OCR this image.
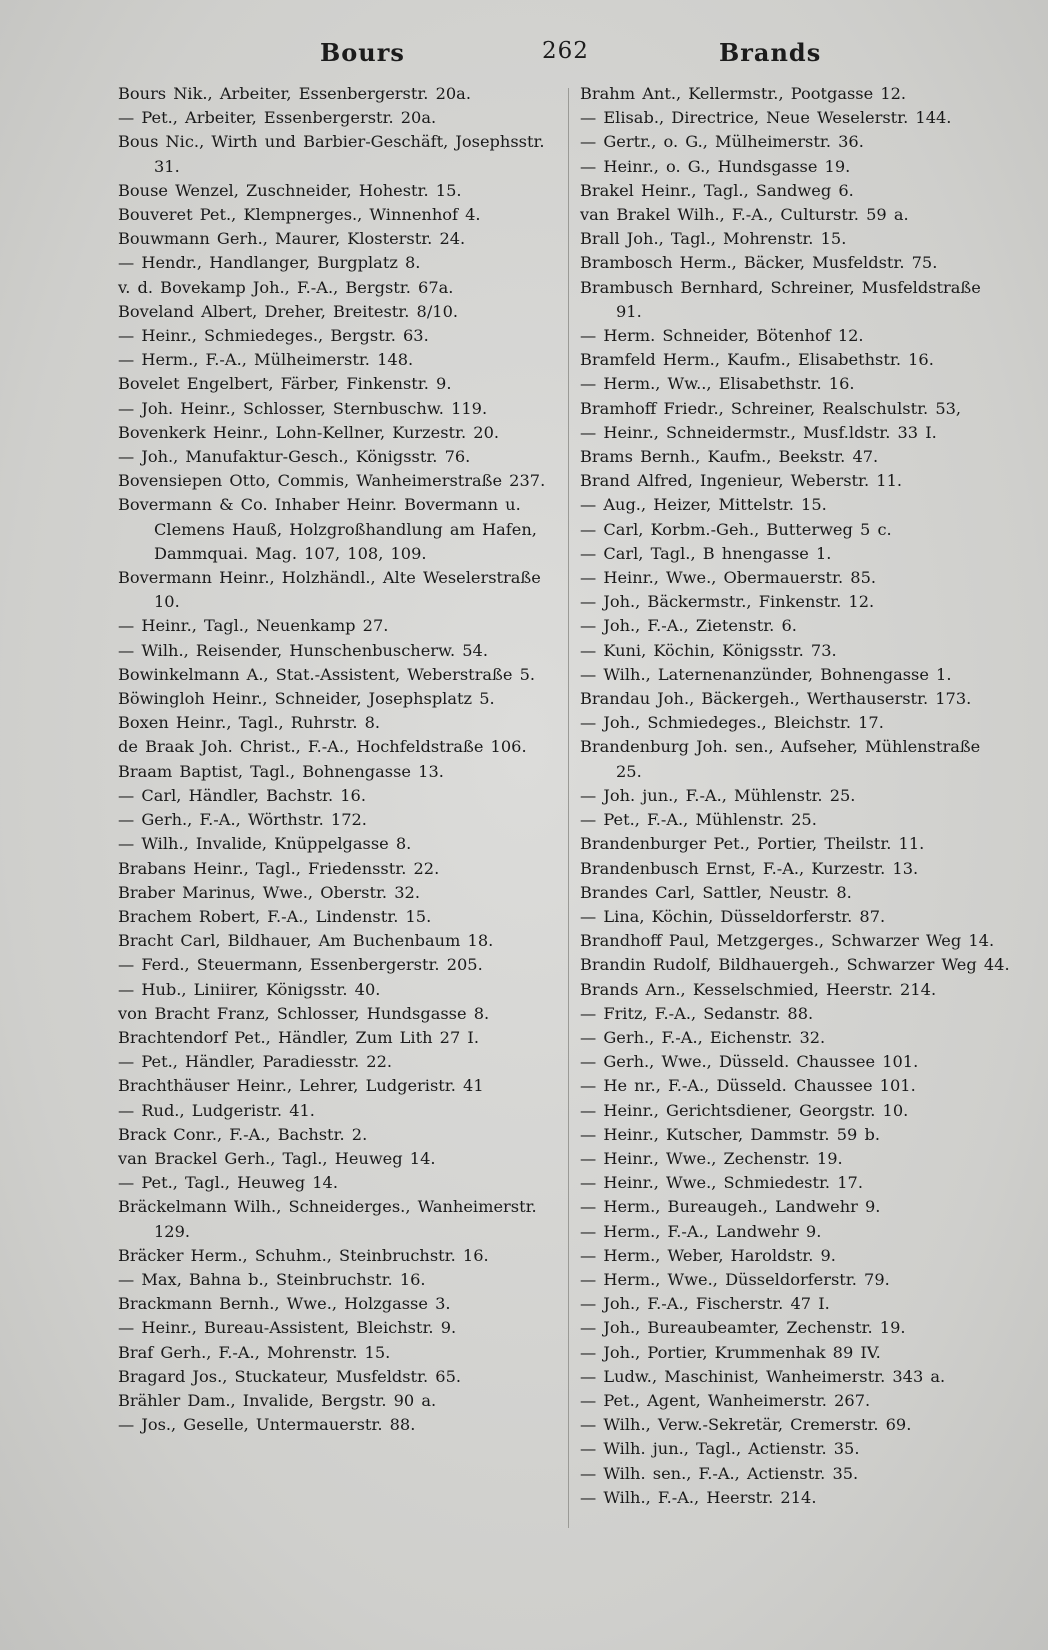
Bours	262	Brands
Bours Nik., Arbeiter, Essenbergerstr. 20a.
— Pet., Arbeiter, Essenbergerstr. 20a.
Bous Nic., Wirth und Barbier-Geschäft, Josephsstr. 31.
Bouse Wenzel, Zuschneider, Hohestr. 15.
Bouveret Pet., Klempnerges., Winnenhof 4.
Bouwmann Gerh., Maurer, Klosterstr. 24.
— Hendr., Handlanger, Burgplatz 8.
v. d. Bovekamp Joh., F.-A., Bergstr. 67a.
Boveland Albert, Dreher, Breitestr. 8/10.
— Heinr., Schmiedeges., Bergstr. 63.
— Herm., F.-A., Mülheimerstr. 148.
Bovelet Engelbert, Färber, Finkenstr. 9.
— Joh. Heinr., Schlosser, Sternbuschw. 119.
Bovenkerk Heinr., Lohn-Kellner, Kurzestr. 20.
— Joh., Manufaktur-Gesch., Königsstr. 76.
Bovensiepen Otto, Commis, Wanheimerstraße 237.
Bovermann & Co. Inhaber Heinr. Bovermann u. Clemens Hauß, Holzgroßhandlung am Hafen, Dammquai. Mag. 107, 108, 109.
Bovermann Heinr., Holzhändl., Alte Weselerstraße 10.
— Heinr., Tagl., Neuenkamp 27.
— Wilh., Reisender, Hunschenbuscherw. 54.
Bowinkelmann A., Stat.-Assistent, Weberstraße 5.
Böwingloh Heinr., Schneider, Josephsplatz 5.
Boxen Heinr., Tagl., Ruhrstr. 8.
de Braak Joh. Christ., F.-A., Hochfeldstraße 106.
Braam Baptist, Tagl., Bohnengasse 13.
— Carl, Händler, Bachstr. 16.
— Gerh., F.-A., Wörthstr. 172.
— Wilh., Invalide, Knüppelgasse 8.
Brabans Heinr., Tagl., Friedensstr. 22.
Braber Marinus, Wwe., Oberstr. 32.
Brachem Robert, F.-A., Lindenstr. 15.
Bracht Carl, Bildhauer, Am Buchenbaum 18.
— Ferd., Steuermann, Essenbergerstr. 205.
— Hub., Liniirer, Königsstr. 40.
von Bracht Franz, Schlosser, Hundsgasse 8.
Brachtendorf Pet., Händler, Zum Lith 27 I.
— Pet., Händler, Paradiesstr. 22.
Brachthäuser Heinr., Lehrer, Ludgeristr. 41
— Rud., Ludgeristr. 41.
Brack Conr., F.-A., Bachstr. 2.
van Brackel Gerh., Tagl., Heuweg 14.
— Pet., Tagl., Heuweg 14.
Bräckelmann Wilh., Schneiderges., Wanheimerstr. 129.
Bräcker Herm., Schuhm., Steinbruchstr. 16.
— Max, Bahna b., Steinbruchstr. 16.
Brackmann Bernh., Wwe., Holzgasse 3.
— Heinr., Bureau-Assistent, Bleichstr. 9.
Braf Gerh., F.-A., Mohrenstr. 15.
Bragard Jos., Stuckateur, Musfeldstr. 65.
Brähler Dam., Invalide, Bergstr. 90 a.
— Jos., Geselle, Untermauerstr. 88.
Brahm Ant., Kellermstr., Pootgasse 12.
— Elisab., Directrice, Neue Weselerstr. 144.
— Gertr., o. G., Mülheimerstr. 36.
— Heinr., o. G., Hundsgasse 19.
Brakel Heinr., Tagl., Sandweg 6.
van Brakel Wilh., F.-A., Culturstr. 59 a.
Brall Joh., Tagl., Mohrenstr. 15.
Brambosch Herm., Bäcker, Musfeldstr. 75.
Brambusch Bernhard, Schreiner, Musfeldstraße 91.
— Herm. Schneider, Bötenhof 12.
Bramfeld Herm., Kaufm., Elisabethstr. 16.
— Herm., Ww.., Elisabethstr. 16.
Bramhoff Friedr., Schreiner, Realschulstr. 53,
— Heinr., Schneidermstr., Musf.ldstr. 33 I.
Brams Bernh., Kaufm., Beekstr. 47.
Brand Alfred, Ingenieur, Weberstr. 11.
— Aug., Heizer, Mittelstr. 15.
— Carl, Korbm.-Geh., Butterweg 5 c.
— Carl, Tagl., B hnengasse 1.
— Heinr., Wwe., Obermauerstr. 85.
— Joh., Bäckermstr., Finkenstr. 12.
— Joh., F.-A., Zietenstr. 6.
— Kuni, Köchin, Königsstr. 73.
— Wilh., Laternenanzünder, Bohnengasse 1.
Brandau Joh., Bäckergeh., Werthauserstr. 173.
— Joh., Schmiedeges., Bleichstr. 17.
Brandenburg Joh. sen., Aufseher, Mühlenstraße 25.
— Joh. jun., F.-A., Mühlenstr. 25.
— Pet., F.-A., Mühlenstr. 25.
Brandenburger Pet., Portier, Theilstr. 11.
Brandenbusch Ernst, F.-A., Kurzestr. 13.
Brandes Carl, Sattler, Neustr. 8.
— Lina, Köchin, Düsseldorferstr. 87.
Brandhoff Paul, Metzgerges., Schwarzer Weg 14.
Brandin Rudolf, Bildhauergeh., Schwarzer Weg 44.
Brands Arn., Kesselschmied, Heerstr. 214.
— Fritz, F.-A., Sedanstr. 88.
— Gerh., F.-A., Eichenstr. 32.
— Gerh., Wwe., Düsseld. Chaussee 101.
— He nr., F.-A., Düsseld. Chaussee 101.
— Heinr., Gerichtsdiener, Georgstr. 10.
— Heinr., Kutscher, Dammstr. 59 b.
— Heinr., Wwe., Zechenstr. 19.
— Heinr., Wwe., Schmiedestr. 17.
— Herm., Bureaugeh., Landwehr 9.
— Herm., F.-A., Landwehr 9.
— Herm., Weber, Haroldstr. 9.
— Herm., Wwe., Düsseldorferstr. 79.
— Joh., F.-A., Fischerstr. 47 I.
— Joh., Bureaubeamter, Zechenstr. 19.
— Joh., Portier, Krummenhak 89 IV.
— Ludw., Maschinist, Wanheimerstr. 343 a.
— Pet., Agent, Wanheimerstr. 267.
— Wilh., Verw.-Sekretär, Cremerstr. 69.
— Wilh. jun., Tagl., Actienstr. 35.
— Wilh. sen., F.-A., Actienstr. 35.
— Wilh., F.-A., Heerstr. 214.
